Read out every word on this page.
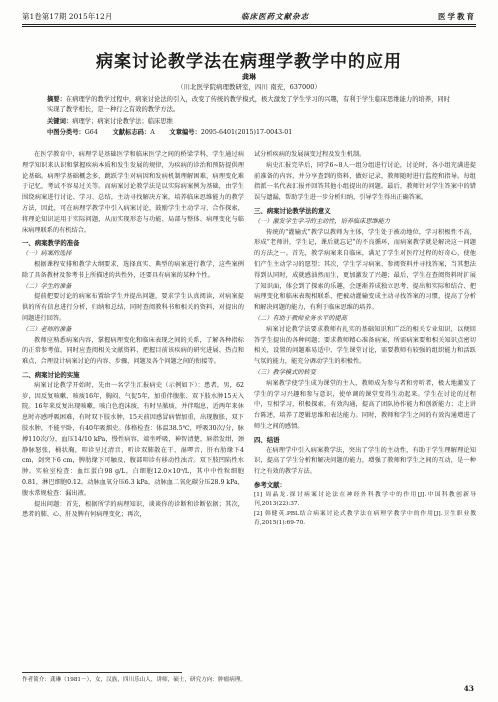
第1卷第17期 2015年12月	临床医药文献杂志	医学教育
病案讨论教学法在病理学教学中的应用
龚琳
（川北医学院病理教研室，四川 南充，637000）
摘要：在病理学的教学过程中，病案讨论法的引入，改变了传统的教学模式，极大激发了学生学习的兴趣，有利于学生临床思维能力的培养，同时实现了教学相长，是一种行之有效的教学方法。
关键词：病理学；病案讨论教学法；临床思维
中图分类号：G64    文献标志码：A    文章编号：2095-6401(2015)17-0043-01

在医学教育中，病理学是基础医学和临床医学之间的桥梁学科，学生通过病理学知识来认识和掌握疾病本质和发生发展的规律，为疾病的诊治和预防提供理论基础。病理学基础概念多，跳跃学生对病因和发病机制理解困难，病理变化难于记忆，考试不容易过关等。而病案讨论教学法是以实际病案例为基础，由学生围绕病案进行讨论、学习、总结，主动寻找解决方案，培养临床思维能力的教学方法，因此，可在病理学教学中引入病案讨论，鼓励学生主动学习、合作探索，将理论知识运用于实际问题，从而实现形态与功能、局部与整体、病理变化与临床病理联系的有机结合。

一、病案教学的准备

（一）病案的选择

根据课程安排和教学大纲要求，选择真实、典型的病案进行教学，这些案例除了具备教材及参考书上所描述的共性外，还要具有病案的某种个性。

（二）学生的准备

提前把要讨论的病案布置给学生并提出问题，要求学生认真阅读，对病案提供的所有信息进行分析，归纳和总结，同时查阅教科书和相关的资料，对提出的问题进行回答。

（三）老师的准备

教师应熟悉病案内容，掌握病理变化和临床表现之间的关系，了解各种指标的正常参考值。同时应查阅相关文献资料，把握目前该疾病的研究进展、热点和难点，合理设计病案讨论的内容、步骤，问题及各个问题之间的衔接等。

二、病案讨论的实施

病案讨论教学开始时，先由一名学生汇报病史（示例如下）：患者，男，62岁，因反复咳嗽、咳痰16年，胸闷、气促5年，加重伴腹胀、双下肢水肿15天入院。16年来反复出现咳嗽，咳白色泡沫痰，有时呈脓痰，并伴喘息，近两年来休息时亦感呼吸困难，有时双下肢水肿，15天前因感冒病情加重，出现腹胀，双下肢水肿，不能平卧，有40年吸烟史。体格检查：体温38.5℃，呼吸30次/分，脉搏110次/分，血压14/10 kPa，慢性病容，端坐呼吸，神智清楚，唇指发绀，颈静脉怒张，桶状胸，叩诊呈过清音，听诊双肺散在干、湿啰音，肝右肋缘下4 cm，剑突下6 cm，脾肋缘下可触及，腹部叩诊有移动性浊音。双下肢凹陷性水肿。实验室检查：血红蛋白98 g/L，白细胞12.0×10⁹/L，其中中性粒细胞0.81，淋巴细胞0.12。动脉血氧分压6.3 kPa，动脉血二氧化碳分压28.9 kPa，腹水常规检查：漏出液。

提出问题：首先，根据所学的病理知识，谈谈你的诊断和诊断依据；其次，患者的肺、心、肝及脾有何病理变化；再次，

试分析疾病的发展演变过程及发生机制。

病史汇报完毕后，同学6~8人一组分组进行讨论，讨论时，各小组充满进提前准备的内容，并分享查到的资料，做好记录，教师随时进行监控和指导。每组指派一名代表汇报并回答其他小组提出的问题。最后，教师针对学生答案中的错误与遗漏，帮助学生进一步分析归纳，引导学生得出正确答案。

三、病案讨论教学法的意义

（一）激发学生学习的主动性，培养临床思维能力

传统的“灌输式”教学以教师为主体，学生处于被动地位，学习积极性不高，形成“老师讲，学生记，课后就忘记”的不良循环，而病案教学就是解决这一问题的方法之一。首先，教学病案来自临床，满足了学生对医疗过程的好奇心，使他们产生主动学习的愿望；其次，学生学习病案、参阅资料并寻找答案，当其想法得到认同时，成就感油然而生，更加激发了兴趣；最后，学生在查阅资料时扩展了知识面，体会到了探索的乐趣，会逐渐养成独立思考、提出和实际和结合、把病理变化和临床表现相联系、把被动灌输变成主动寻找答案的习惯，提高了分析和解决问题的能力，有利于临床思维的培养。

（二）有助于教师业务水平的提高

病案讨论教学法要求教师有扎实的基础知识和广泛的相关专业知识，以便回答学生提出的各种问题；要求教师精心准备病案，所需病案要和相关知识点密切相关，设置的问题难易适中，学生课堂讨论，需要教师有较强的组织能力和活跃气氛的能力，能充分调动学生的积极性。

（三）教学模式的转变

病案教学使学生成为课堂的主人，教师成为参与者和旁听者，极大地激发了学生的学习兴趣和参与意识，使单调的课堂变得生动起来。学生在讨论的过程中，互相学习，积极探索，有效沟通，提高了团队协作能力和创新能力；走上讲台陈述，培养了逻辑思维和表达能力。同时，教师和学生之间的有效沟通增进了师生之间的感情。

四、结语

在病理学中引入病案教学法，突出了学生的主动性，有助于学生理解理论知识，提高了学生分析和解决问题的能力，增强了教师和学生之间的互动，是一种行之有效的教学方法。

参考文献：

[1] 周晶龙.探讨病案讨论法在神经外科教学中的作用[J].中国科教创新导刊,2013(22):37.

[2] 韩健英.PBL结合病案讨论式教学法在病理学教学中的作用[J].卫生职业教育,2015(1):69-70.

作者简介：龚琳（1981－），女，汉族，四川乐山人，讲师，硕士，研究方向：肿瘤病理。
43
